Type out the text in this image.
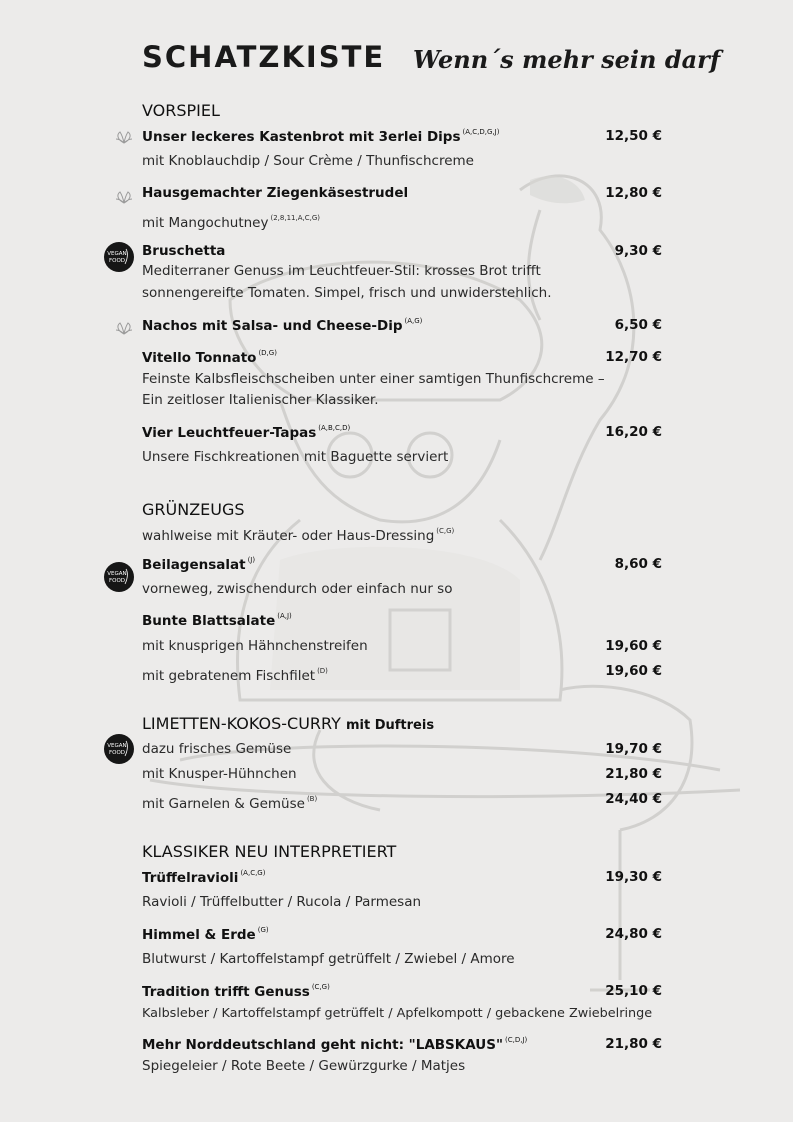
SCHATZKISTE Wenn´s mehr sein darf
VORSPIEL
Unser leckeres Kastenbrot mit 3erlei Dips $^{(A,C,D,G,J)}$	12,50 €
mit Knoblauchdip / Sour Crème / Thunfischcreme
Hausgemachter Ziegenkäsestrudel	12,80 €
mit Mangochutney $^{(2,8,11,A,C,G)}$
VEGAN
FOOD
Bruschetta	9,30 €
Mediterraner Genuss im Leuchtfeuer-Stil: krosses Brot trifft
sonnengereifte Tomaten. Simpel, frisch und unwiderstehlich.
Nachos mit Salsa- und Cheese-Dip $^{(A,G)}$	6,50 €
Vitello Tonnato $^{(D,G)}$	12,70 €
Feinste Kalbsfleischscheiben unter einer samtigen Thunfischcreme –
Ein zeitloser Italienischer Klassiker.
Vier Leuchtfeuer-Tapas $^{(A,B,C,D)}$	16,20 €
Unsere Fischkreationen mit Baguette serviert
GRÜNZEUGS
wahlweise mit Kräuter- oder Haus-Dressing $^{(C,G)}$
VEGAN
FOOD
Beilagensalat $^{(J)}$	8,60 €
vorneweg, zwischendurch oder einfach nur so
Bunte Blattsalate $^{(A,J)}$
mit knusprigen Hähnchenstreifen	19,60 €
mit gebratenem Fischfilet $^{(D)}$	19,60 €
LIMETTEN-KOKOS-CURRY mit Duftreis
VEGAN
FOOD dazu frisches Gemüse	19,70 €
mit Knusper-Hühnchen	21,80 €
mit Garnelen & Gemüse $^{(B)}$	24,40 €
KLASSIKER NEU INTERPRETIERT
Trüffelravioli $^{(A,C,G)}$	19,30 €
Ravioli / Trüffelbutter / Rucola / Parmesan
Himmel & Erde $^{(G)}$	24,80 €
Blutwurst / Kartoffelstampf getrüffelt / Zwiebel / Amore
Tradition trifft Genuss $^{(C,G)}$	25,10 €
Kalbsleber / Kartoffelstampf getrüffelt / Apfelkompott / gebackene Zwiebelringe
Mehr Norddeutschland geht nicht: "LABSKAUS" $^{(C,D,J)}$	21,80 €
Spiegeleier / Rote Beete / Gewürzgurke / Matjes
